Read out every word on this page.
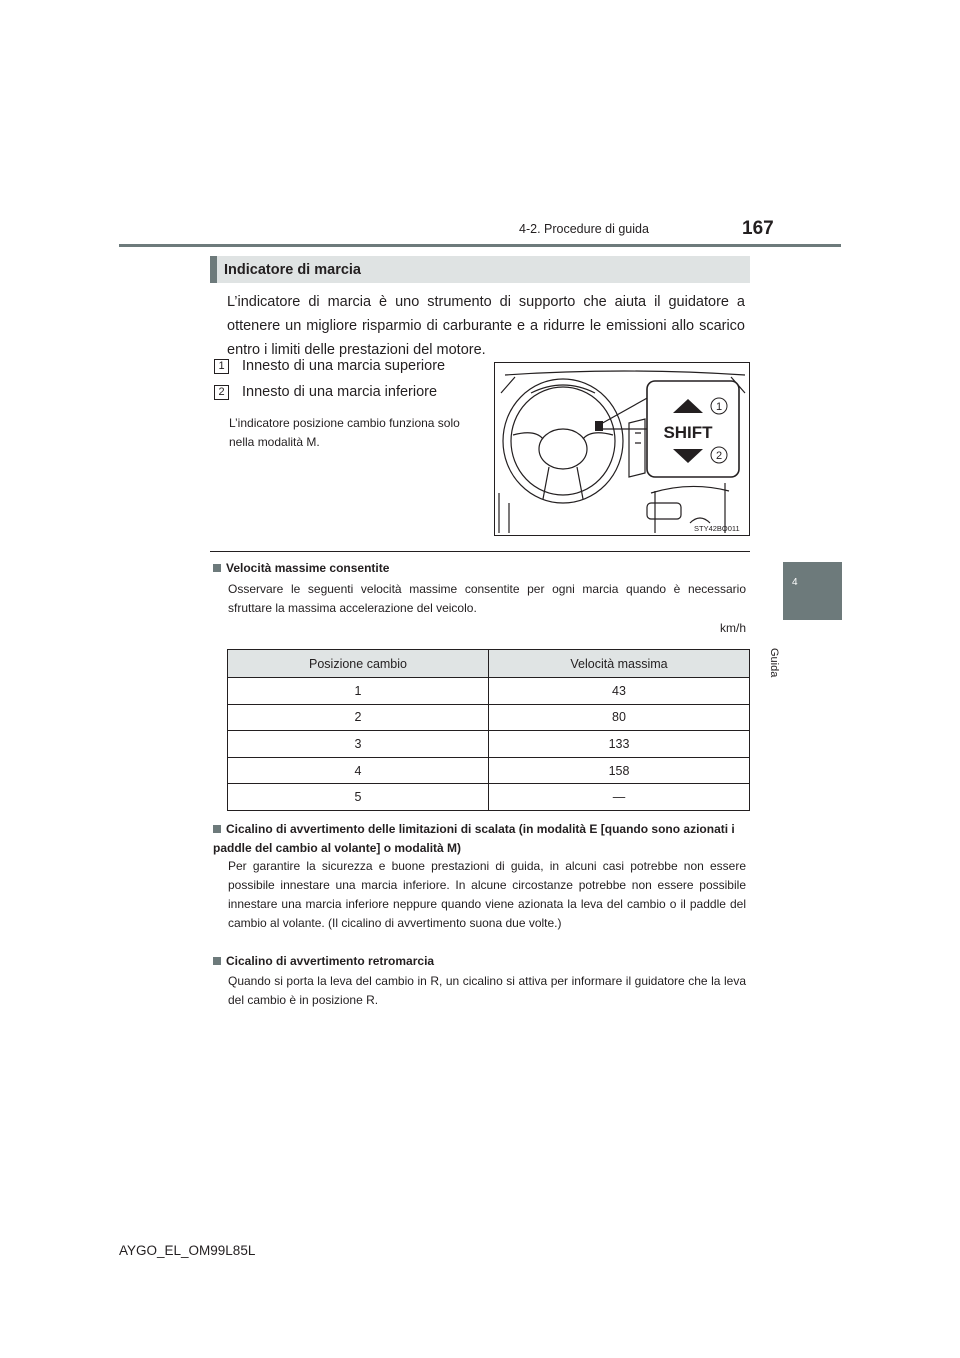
4-2. Procedure di guida	167
4
Guida
Indicatore di marcia

L’indicatore di marcia è uno strumento di supporto che aiuta il guidatore a ottenere un migliore risparmio di carburante e a ridurre le emissioni allo scarico entro i limiti delle prestazioni del motore.

1	Innesto di una marcia superiore
2	Innesto di una marcia inferiore

L’indicatore posizione cambio funziona solo nella modalità M.	SHIFT
1
2
STY42BO011
Velocità massime consentite

Osservare le seguenti velocità massime consentite per ogni marcia quando è necessario sfruttare la massima accelerazione del veicolo.

km/h
Posizione cambio	Velocità massima
1	43
2	80
3	133
4	158
5	—
Cicalino di avvertimento delle limitazioni di scalata (in modalità E [quando sono azionati i paddle del cambio al volante] o modalità M)

Per garantire la sicurezza e buone prestazioni di guida, in alcuni casi potrebbe non essere possibile innestare una marcia inferiore. In alcune circostanze potrebbe non essere possibile innestare una marcia inferiore neppure quando viene azionata la leva del cambio o il paddle del cambio al volante. (Il cicalino di avvertimento suona due volte.)

Cicalino di avvertimento retromarcia

Quando si porta la leva del cambio in R, un cicalino si attiva per informare il guidatore che la leva del cambio è in posizione R.

AYGO_EL_OM99L85L
